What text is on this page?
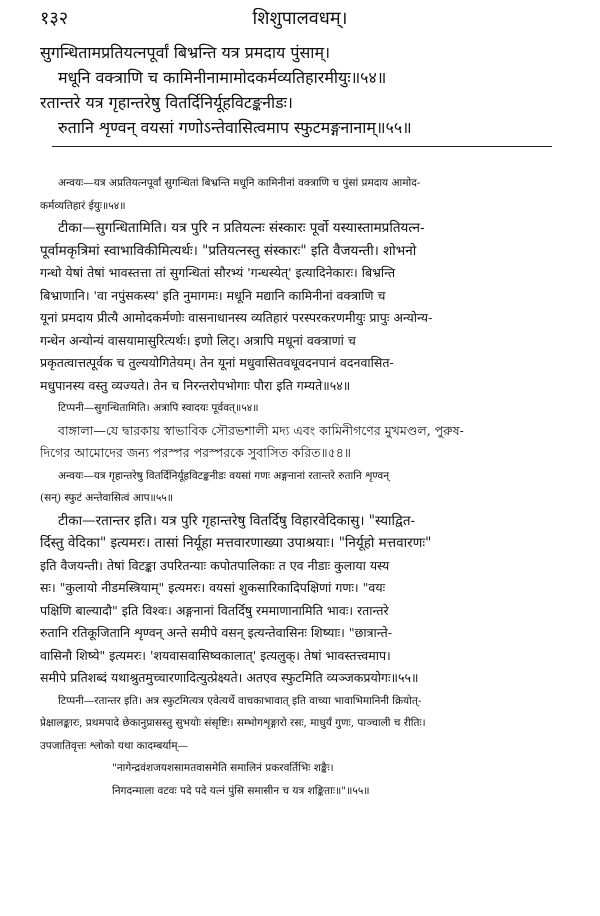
१३२	शिशुपालवधम्।
सुगन्धितामप्रतियत्नपूर्वां बिभ्रन्ति यत्र प्रमदाय पुंसाम्।
मधूनि वक्त्राणि च कामिनीनामामोदकर्मव्यतिहारमीयुः॥५४॥
रतान्तरे यत्र गृहान्तरेषु वितर्दिनिर्यूहविटङ्कनीडः।
रुतानि शृण्वन् वयसां गणोऽन्तेवासित्वमाप स्फुटमङ्गनानाम्॥५५॥
अन्वयः—यत्र अप्रतियत्नपूर्वां सुगन्धितां बिभ्रन्ति मधूनि कामिनीनां वक्त्राणि च पुंसां प्रमदाय आमोद-
कर्मव्यतिहारं ईयुः॥५४॥
टीका—सुगन्धितामिति। यत्र पुरि न प्रतियत्नः संस्कारः पूर्वो यस्यास्तामप्रतियत्न-
पूर्वामकृत्रिमां स्वाभाविकीमित्यर्थः। "प्रतियत्नस्तु संस्कारः" इति वैजयन्ती। शोभनो
गन्धो येषां तेषां भावस्तत्ता तां सुगन्धितां सौरभ्यं 'गन्धस्येत्' इत्यादिनेकारः। बिभ्रन्ति
बिभ्राणानि। 'वा नपुंसकस्य' इति नुमागमः। मधूनि मद्यानि कामिनीनां वक्त्राणि च
यूनां प्रमदाय प्रीत्यै आमोदकर्मणोः वासनाधानस्य व्यतिहारं परस्परकरणमीयुः प्रापुः अन्योन्य-
गन्धेन अन्योन्यं वासयामासुरित्यर्थः। इणो लिट्। अत्रापि मधूनां वक्त्राणां च
प्रकृतत्वात्तत्पूर्वक च तुल्ययोगितेयम्। तेन यूनां मधुवासितवधूवदनपानं वदनवासित-
मधुपानस्य वस्तु व्यज्यते। तेन च निरन्तरोपभोगाः पौरा इति गम्यते॥५४॥
टिप्पनी—सुगन्धितामिति। अत्रापि स्वादयः पूर्ववत्॥५४॥
বাঙ্গালা—যে দ্বারকায় স্বাভাবিক সৌরভশালী মদ্য এবং কামিনীগণের মুখমণ্ডল, পুরুষ-
দিগের আমোদের জন্য পরস্পর পরস্পরকে সুবাসিত করিত॥৫৪॥
अन्वयः—यत्र गृहान्तरेषु वितर्दिनिर्यूहविटङ्कनीडः वयसां गणः अङ्गनानां रतान्तरे रुतानि शृण्वन्
(सन्) स्फुटं अन्तेवासित्वं आप॥५५॥
टीका—रतान्तर इति। यत्र पुरि गृहान्तरेषु वितर्दिषु विहारवेदिकासु। "स्याद्वित-
र्दिस्तु वेदिका" इत्यमरः। तासां निर्यूहा मत्तवारणाख्या उपाश्रयाः। "निर्यूहो मत्तवारणः"
इति वैजयन्ती। तेषां विटङ्का उपरितन्याः कपोतपालिकाः त एव नीडाः कुलाया यस्य
सः। "कुलायो नीडमस्त्रियाम्" इत्यमरः। वयसां शुकसारिकादिपक्षिणां गणः। "वयः
पक्षिणि बाल्यादौ" इति विश्वः। अङ्गनानां वितर्दिषु रममाणानामिति भावः। रतान्तरे
रुतानि रतिकूजितानि शृण्वन् अन्ते समीपे वसन् इत्यन्तेवासिनः शिष्याः। "छात्रान्ते-
वासिनौ शिष्ये" इत्यमरः। 'शयवासवासिष्वकालात्' इत्यलुक्। तेषां भावस्तत्त्वमाप।
समीपे प्रतिशब्दं यथाश्रुतमुच्चारणादित्युत्प्रेक्ष्यते। अतएव स्फुटमिति व्यञ्जकप्रयोगः॥५५॥
टिप्पनी—रतान्तर इति। अत्र स्फुटमित्यत्र एवेत्यर्थे वाचकाभावात् इति वाच्या भावाभिमानिनी क्रियोत्-
प्रेक्षालङ्कारः, प्रथमपादे छेकानुप्रासस्तु सुभयोः संसृष्टिः। सम्भोगशृङ्गारो रसः, माधुर्यं गुणः, पाञ्चाली च रीतिः।
उपजातिवृत्तः श्लोको यथा कादम्बर्याम्—
"नागेन्द्रवंशजयशसामतवासमेति समालिनं प्रकरवर्तिभिः शङ्कैः।
निगदन्माला वटवः पदे पदे यत्नं पुंसि समासीन च यत्र शङ्किताः॥"॥५५॥
